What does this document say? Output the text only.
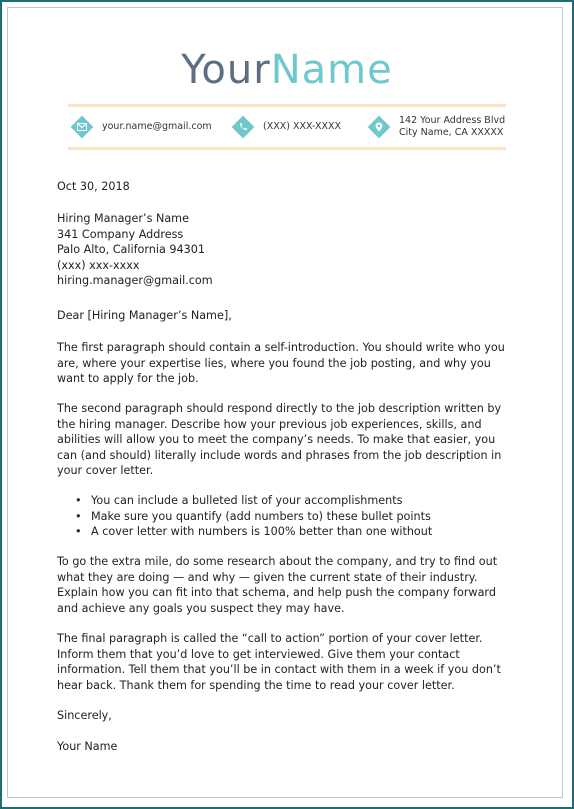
YourName
your.name@gmail.com	(XXX) XXX-XXXX
142 Your Address Blvd
City Name, CA XXXXX
Oct 30, 2018
Hiring Manager’s Name
341 Company Address
Palo Alto, California 94301
(xxx) xxx-xxxx
hiring.manager@gmail.com
Dear [Hiring Manager’s Name],
The first paragraph should contain a self-introduction. You should write who you
are, where your expertise lies, where you found the job posting, and why you
want to apply for the job.
The second paragraph should respond directly to the job description written by
the hiring manager. Describe how your previous job experiences, skills, and
abilities will allow you to meet the company’s needs. To make that easier, you
can (and should) literally include words and phrases from the job description in
your cover letter.
• You can include a bulleted list of your accomplishments
• Make sure you quantify (add numbers to) these bullet points
• A cover letter with numbers is 100% better than one without
To go the extra mile, do some research about the company, and try to find out
what they are doing — and why — given the current state of their industry.
Explain how you can fit into that schema, and help push the company forward
and achieve any goals you suspect they may have.
The final paragraph is called the “call to action” portion of your cover letter.
Inform them that you’d love to get interviewed. Give them your contact
information. Tell them that you’ll be in contact with them in a week if you don’t
hear back. Thank them for spending the time to read your cover letter.
Sincerely,
Your Name
